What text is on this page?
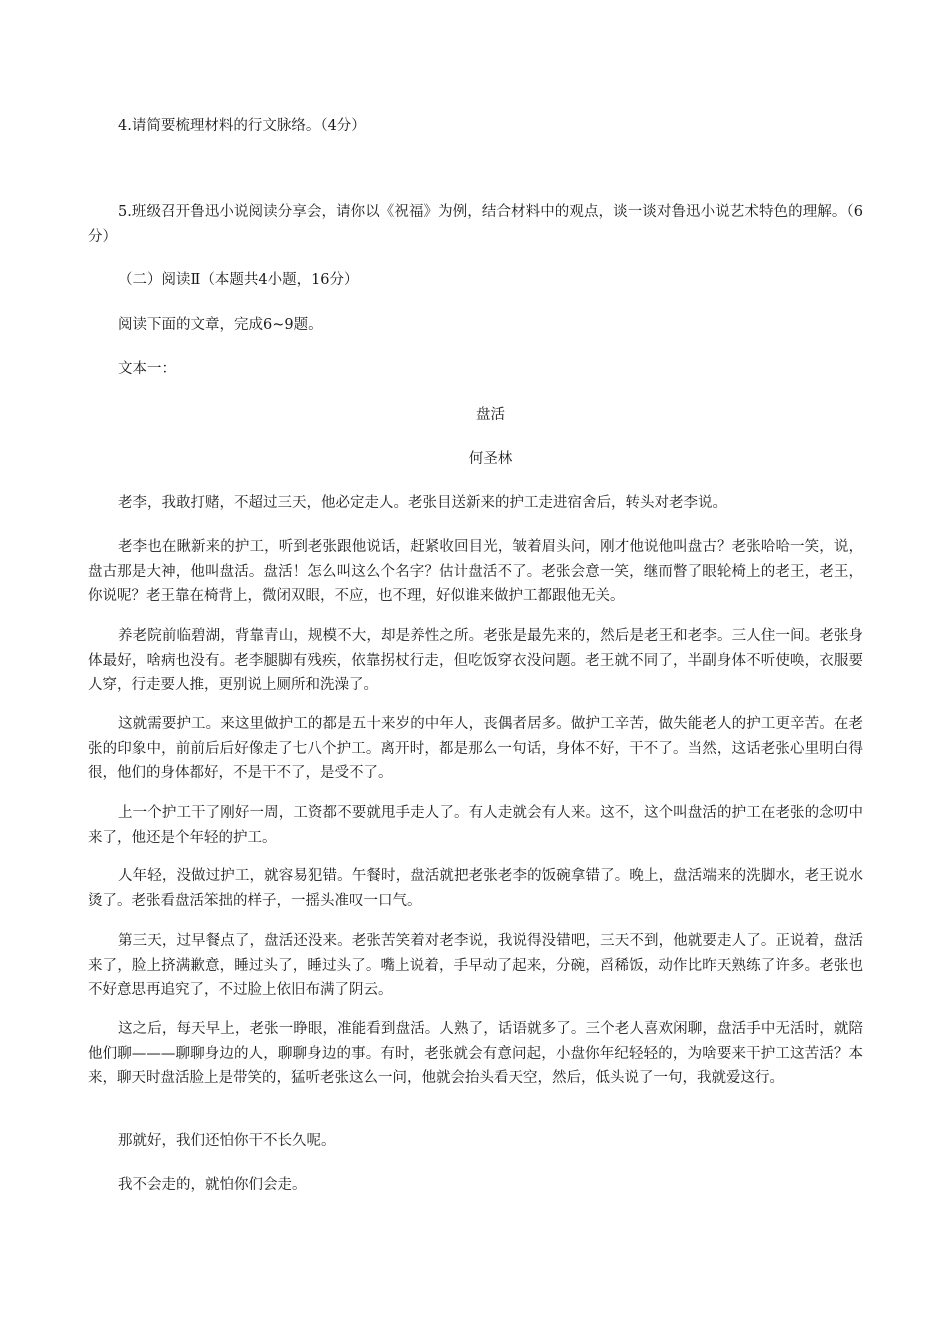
4.请简要梳理材料的行文脉络。（4分）
5.班级召开鲁迅小说阅读分享会，请你以《祝福》为例，结合材料中的观点，谈一谈对鲁迅小说艺术特色的理解。（6分）
（二）阅读Ⅱ（本题共4小题，16分）
阅读下面的文章，完成6~9题。
文本一：
盘活
何圣林
老李，我敢打赌，不超过三天，他必定走人。老张目送新来的护工走进宿舍后，转头对老李说。
老李也在瞅新来的护工，听到老张跟他说话，赶紧收回目光，皱着眉头问，刚才他说他叫盘古？老张哈哈一笑，说，盘古那是大神，他叫盘活。盘活！怎么叫这么个名字？估计盘活不了。老张会意一笑，继而瞥了眼轮椅上的老王，老王，你说呢？老王靠在椅背上，微闭双眼，不应，也不理，好似谁来做护工都跟他无关。
养老院前临碧湖，背靠青山，规模不大，却是养性之所。老张是最先来的，然后是老王和老李。三人住一间。老张身体最好，啥病也没有。老李腿脚有残疾，依靠拐杖行走，但吃饭穿衣没问题。老王就不同了，半副身体不听使唤，衣服要人穿，行走要人推，更别说上厕所和洗澡了。
这就需要护工。来这里做护工的都是五十来岁的中年人，丧偶者居多。做护工辛苦，做失能老人的护工更辛苦。在老张的印象中，前前后后好像走了七八个护工。离开时，都是那么一句话，身体不好，干不了。当然，这话老张心里明白得很，他们的身体都好，不是干不了，是受不了。
上一个护工干了刚好一周，工资都不要就甩手走人了。有人走就会有人来。这不，这个叫盘活的护工在老张的念叨中来了，他还是个年轻的护工。
人年轻，没做过护工，就容易犯错。午餐时，盘活就把老张老李的饭碗拿错了。晚上，盘活端来的洗脚水，老王说水烫了。老张看盘活笨拙的样子，一摇头准叹一口气。
第三天，过早餐点了，盘活还没来。老张苦笑着对老李说，我说得没错吧，三天不到，他就要走人了。正说着，盘活来了，脸上挤满歉意，睡过头了，睡过头了。嘴上说着，手早动了起来，分碗，舀稀饭，动作比昨天熟练了许多。老张也不好意思再追究了，不过脸上依旧布满了阴云。
这之后，每天早上，老张一睁眼，准能看到盘活。人熟了，话语就多了。三个老人喜欢闲聊，盘活手中无活时，就陪他们聊———聊聊身边的人，聊聊身边的事。有时，老张就会有意问起，小盘你年纪轻轻的，为啥要来干护工这苦活？本来，聊天时盘活脸上是带笑的，猛听老张这么一问，他就会抬头看天空，然后，低头说了一句，我就爱这行。
那就好，我们还怕你干不长久呢。
我不会走的，就怕你们会走。
